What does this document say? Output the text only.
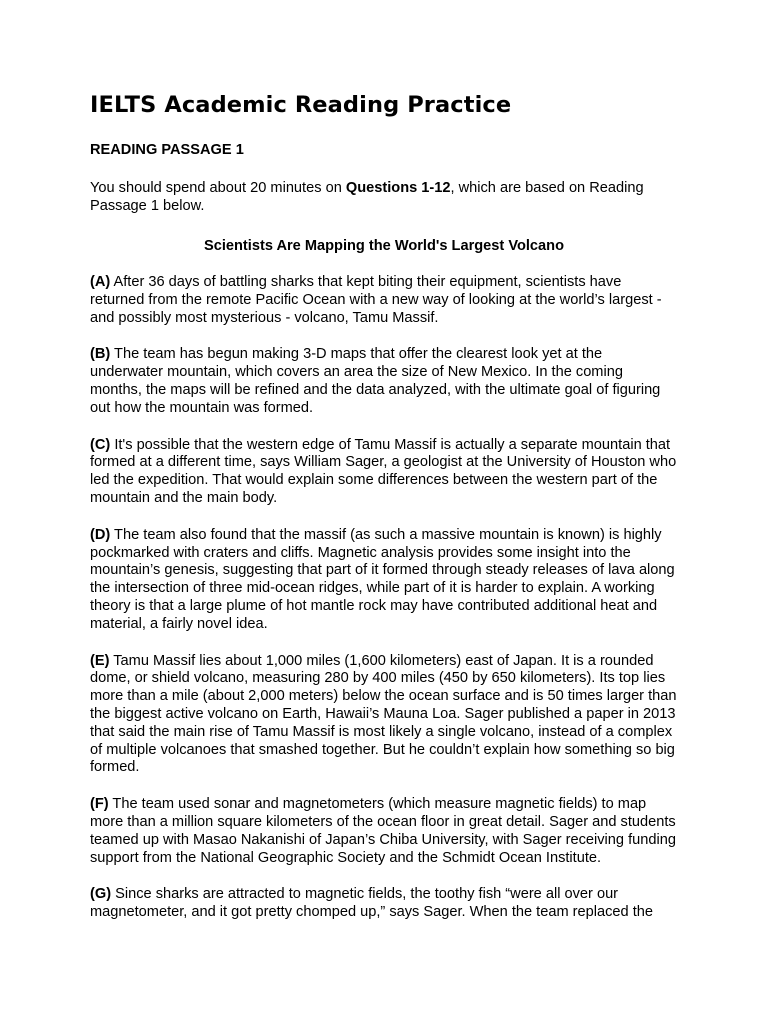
IELTS Academic Reading Practice

READING PASSAGE 1

You should spend about 20 minutes on Questions 1-12, which are based on Reading Passage 1 below.

Scientists Are Mapping the World's Largest Volcano

(A) After 36 days of battling sharks that kept biting their equipment, scientists have returned from the remote Pacific Ocean with a new way of looking at the world’s largest - and possibly most mysterious - volcano, Tamu Massif.

(B) The team has begun making 3-D maps that offer the clearest look yet at the underwater mountain, which covers an area the size of New Mexico. In the coming months, the maps will be refined and the data analyzed, with the ultimate goal of figuring out how the mountain was formed.

(C) It's possible that the western edge of Tamu Massif is actually a separate mountain that formed at a different time, says William Sager, a geologist at the University of Houston who led the expedition. That would explain some differences between the western part of the mountain and the main body.

(D) The team also found that the massif (as such a massive mountain is known) is highly pockmarked with craters and cliffs. Magnetic analysis provides some insight into the mountain’s genesis, suggesting that part of it formed through steady releases of lava along the intersection of three mid-ocean ridges, while part of it is harder to explain. A working theory is that a large plume of hot mantle rock may have contributed additional heat and material, a fairly novel idea.

(E) Tamu Massif lies about 1,000 miles (1,600 kilometers) east of Japan. It is a rounded dome, or shield volcano, measuring 280 by 400 miles (450 by 650 kilometers). Its top lies more than a mile (about 2,000 meters) below the ocean surface and is 50 times larger than the biggest active volcano on Earth, Hawaii’s Mauna Loa. Sager published a paper in 2013 that said the main rise of Tamu Massif is most likely a single volcano, instead of a complex of multiple volcanoes that smashed together. But he couldn’t explain how something so big formed.

(F) The team used sonar and magnetometers (which measure magnetic fields) to map more than a million square kilometers of the ocean floor in great detail. Sager and students teamed up with Masao Nakanishi of Japan’s Chiba University, with Sager receiving funding support from the National Geographic Society and the Schmidt Ocean Institute.

(G) Since sharks are attracted to magnetic fields, the toothy fish “were all over our magnetometer, and it got pretty chomped up,” says Sager. When the team replaced the
